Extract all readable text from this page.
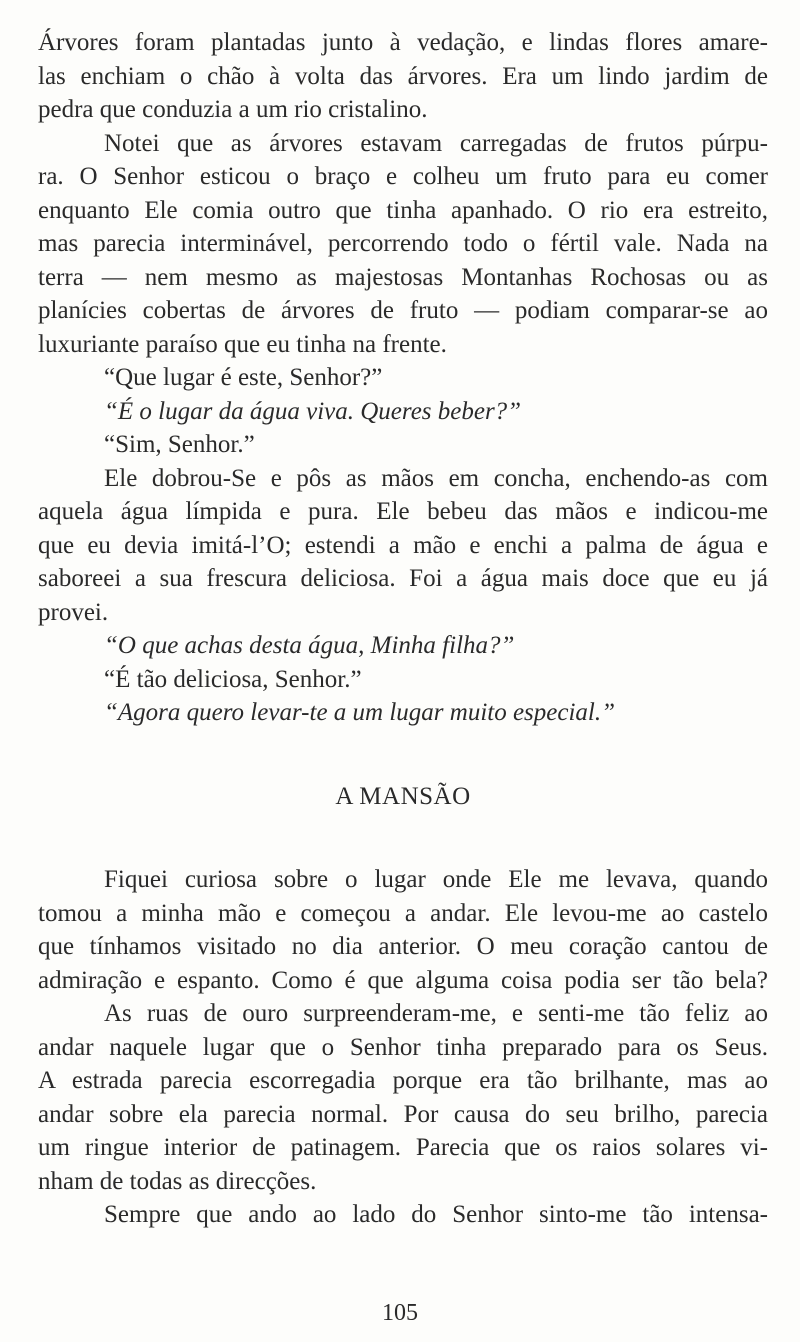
Árvores foram plantadas junto à vedação, e lindas flores amare-
las enchiam o chão à volta das árvores. Era um lindo jardim de
pedra que conduzia a um rio cristalino.

Notei que as árvores estavam carregadas de frutos púrpu-
ra. O Senhor esticou o braço e colheu um fruto para eu comer
enquanto Ele comia outro que tinha apanhado. O rio era estreito,
mas parecia interminável, percorrendo todo o fértil vale. Nada na
terra — nem mesmo as majestosas Montanhas Rochosas ou as
planícies cobertas de árvores de fruto — podiam comparar-se ao
luxuriante paraíso que eu tinha na frente.

“Que lugar é este, Senhor?”

“É o lugar da água viva. Queres beber?”

“Sim, Senhor.”

Ele dobrou-Se e pôs as mãos em concha, enchendo-as com
aquela água límpida e pura. Ele bebeu das mãos e indicou-me
que eu devia imitá-l’O; estendi a mão e enchi a palma de água e
saboreei a sua frescura deliciosa. Foi a água mais doce que eu já
provei.

“O que achas desta água, Minha filha?”

“É tão deliciosa, Senhor.”

“Agora quero levar-te a um lugar muito especial.”

A MANSÃO

Fiquei curiosa sobre o lugar onde Ele me levava, quando
tomou a minha mão e começou a andar. Ele levou-me ao castelo
que tínhamos visitado no dia anterior. O meu coração cantou de
admiração e espanto. Como é que alguma coisa podia ser tão bela?

As ruas de ouro surpreenderam-me, e senti-me tão feliz ao
andar naquele lugar que o Senhor tinha preparado para os Seus.
A estrada parecia escorregadia porque era tão brilhante, mas ao
andar sobre ela parecia normal. Por causa do seu brilho, parecia
um ringue interior de patinagem. Parecia que os raios solares vi-
nham de todas as direcções.

Sempre que ando ao lado do Senhor sinto-me tão intensa-

105
